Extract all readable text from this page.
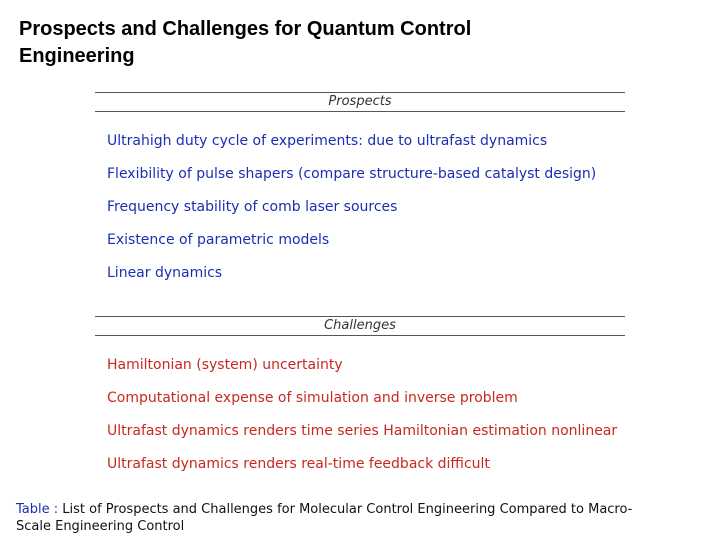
Prospects and Challenges for Quantum Control
Engineering
Prospects
Ultrahigh duty cycle of experiments: due to ultrafast dynamics
Flexibility of pulse shapers (compare structure-based catalyst design)
Frequency stability of comb laser sources
Existence of parametric models
Linear dynamics
Challenges
Hamiltonian (system) uncertainty
Computational expense of simulation and inverse problem
Ultrafast dynamics renders time series Hamiltonian estimation nonlinear
Ultrafast dynamics renders real-time feedback difficult
Table : List of Prospects and Challenges for Molecular Control Engineering Compared to Macro-Scale Engineering Control
